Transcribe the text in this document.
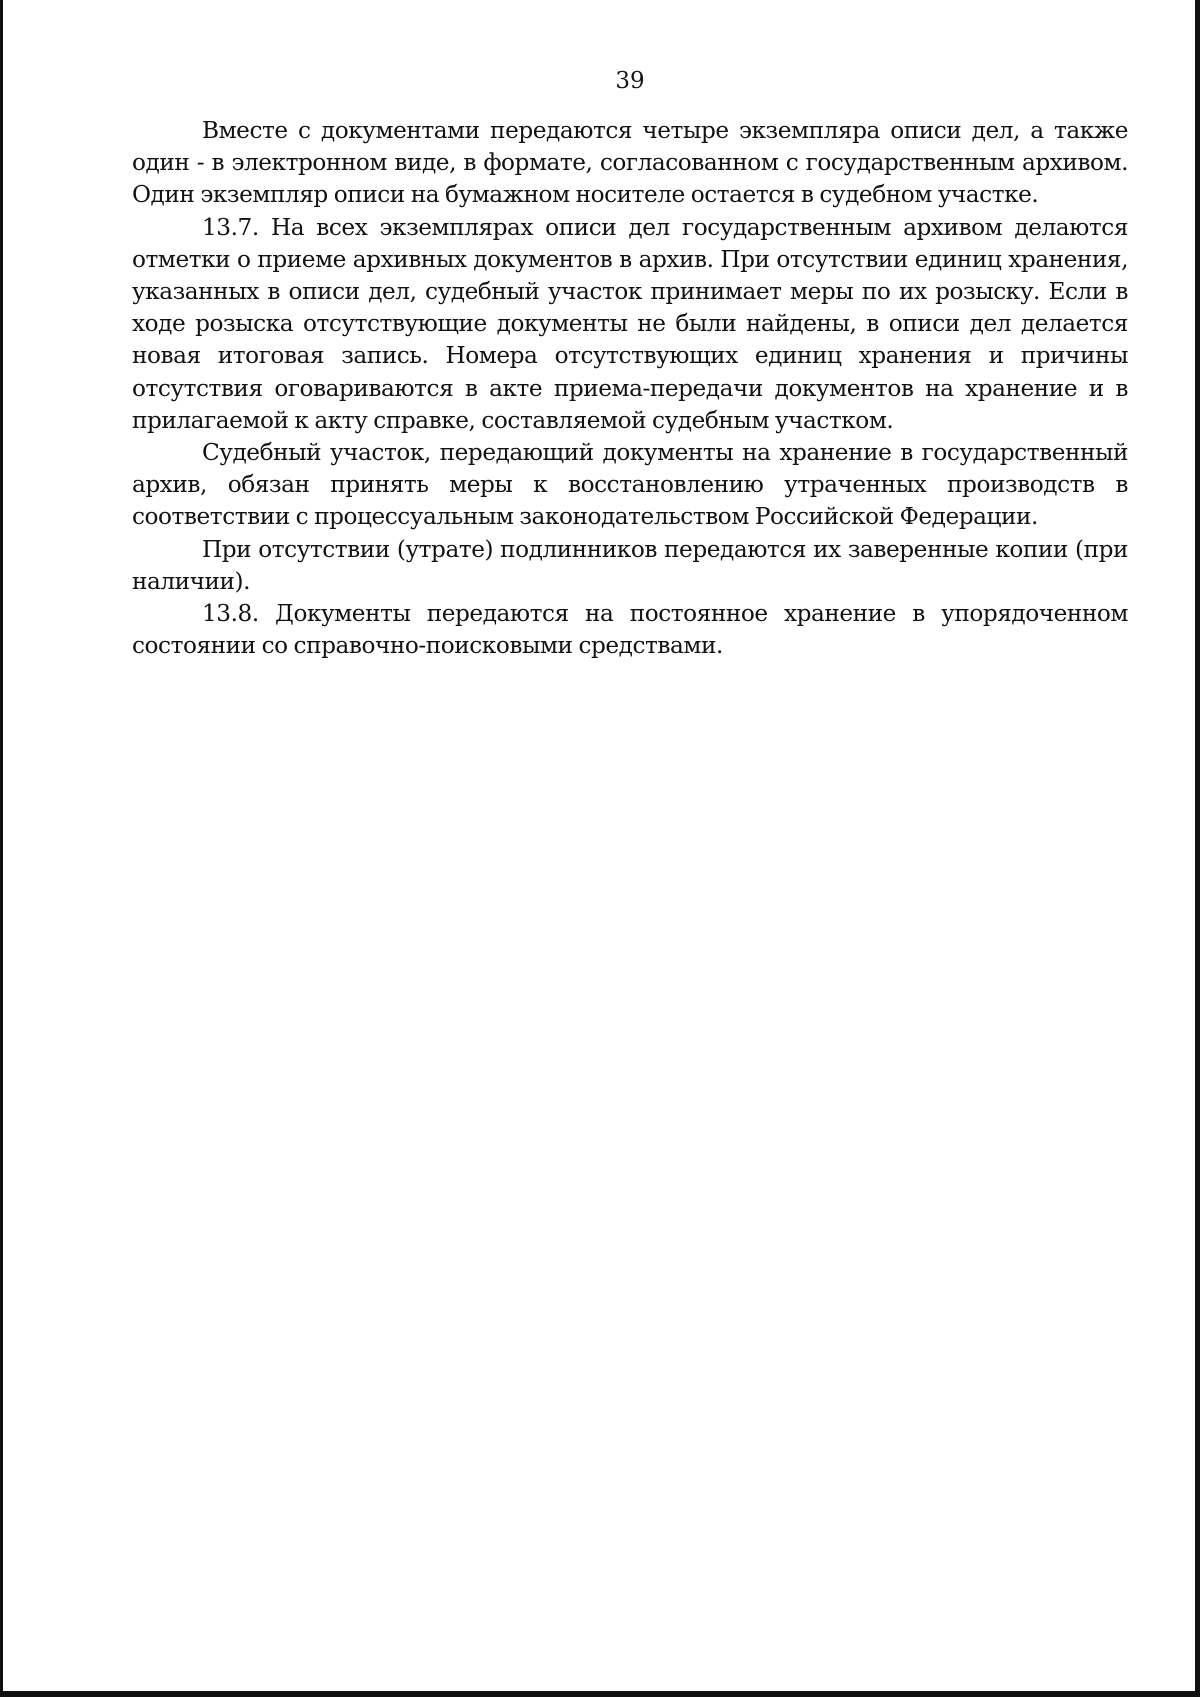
39

Вместе с документами передаются четыре экземпляра описи дел, а также один - в электронном виде, в формате, согласованном с государственным архивом. Один экземпляр описи на бумажном носителе остается в судебном участке.

13.7. На всех экземплярах описи дел государственным архивом делаются отметки о приеме архивных документов в архив. При отсутствии единиц хранения, указанных в описи дел, судебный участок принимает меры по их розыску. Если в ходе розыска отсутствующие документы не были найдены, в описи дел делается новая итоговая запись. Номера отсутствующих единиц хранения и причины отсутствия оговариваются в акте приема-передачи документов на хранение и в прилагаемой к акту справке, составляемой судебным участком.

Судебный участок, передающий документы на хранение в государственный архив, обязан принять меры к восстановлению утраченных производств в соответствии с процессуальным законодательством Российской Федерации.

При отсутствии (утрате) подлинников передаются их заверенные копии (при наличии).

13.8. Документы передаются на постоянное хранение в упорядоченном состоянии со справочно-поисковыми средствами.
